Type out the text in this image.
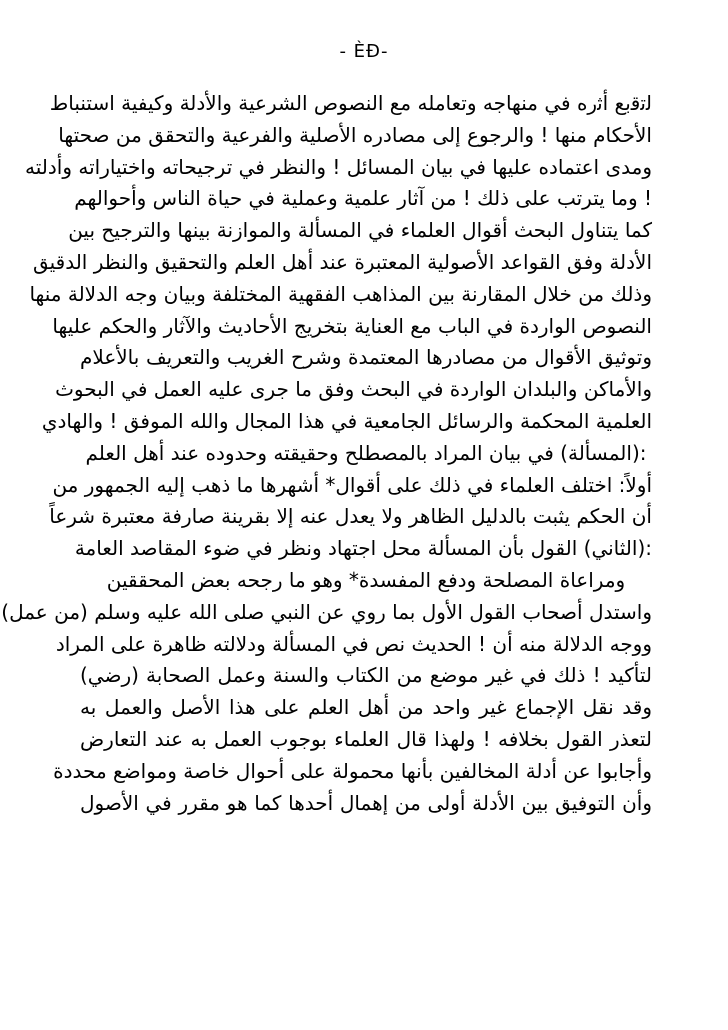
- ÈÐ-
ﻟﺗﻗﺑﻊ ﺃﺛﺭﻩ ﻓﻲ ﻣﻨﻬﺎﺟﻪ ﻭﺗﻌﺎﻣﻠﻪ ﻣﻊ ﺍﻟﻨﺼﻮﺹ ﺍﻟﺸﺮﻋﻴﺔ ﻭﺍﻷﺩﻟﺔ ﻭﻛﻴﻔﻴﺔ ﺍﺳﺘﻨﺒﺎﻁ
ﺍﻷﺣﻜﺎﻡ ﻣﻨﻬﺎ ! ﻭﺍﻟﺮﺟﻮﻉ ﺇﻟﻰ ﻣﺼﺎﺩﺭﻩ ﺍﻷﺻﻠﻴﺔ ﻭﺍﻟﻔﺮﻋﻴﺔ ﻭﺍﻟﺘﺤﻘﻖ ﻣﻦ ﺻﺤﺘﻬﺎ
ﻭﻣﺪﻯ ﺍﻋﺘﻤﺎﺩﻩ ﻋﻠﻴﻬﺎ ﻓﻲ ﺑﻴﺎﻥ ﺍﻟﻤﺴﺎﺋﻞ ! ﻭﺍﻟﻨﻈﺮ ﻓﻲ ﺗﺮﺟﻴﺤﺎﺗﻪ ﻭﺍﺧﺘﻴﺎﺭﺍﺗﻪ ﻭﺃﺩﻟﺘﻪ
! ﻭﻣﺎ ﻳﺘﺮﺗﺐ ﻋﻠﻰ ﺫﻟﻚ ! ﻣﻦ ﺁﺛﺎﺭ ﻋﻠﻤﻴﺔ ﻭﻋﻤﻠﻴﺔ ﻓﻲ ﺣﻴﺎﺓ ﺍﻟﻨﺎﺱ ﻭﺃﺣﻮﺍﻟﻬﻢ
ﻛﻤﺎ ﻳﺘﻨﺎﻭﻝ ﺍﻟﺒﺤﺚ ﺃﻗﻮﺍﻝ ﺍﻟﻌﻠﻤﺎﺀ ﻓﻲ ﺍﻟﻤﺴﺄﻟﺔ ﻭﺍﻟﻤﻮﺍﺯﻧﺔ ﺑﻴﻨﻬﺎ ﻭﺍﻟﺘﺮﺟﻴﺢ ﺑﻴﻦ
ﺍﻷﺩﻟﺔ ﻭﻓﻖ ﺍﻟﻘﻮﺍﻋﺪ ﺍﻷﺻﻮﻟﻴﺔ ﺍﻟﻤﻌﺘﺒﺮﺓ ﻋﻨﺪ ﺃﻫﻞ ﺍﻟﻌﻠﻢ ﻭﺍﻟﺘﺤﻘﻴﻖ ﻭﺍﻟﻨﻈﺮ ﺍﻟﺪﻗﻴﻖ
ﻭﺫﻟﻚ ﻣﻦ ﺧﻼﻝ ﺍﻟﻤﻘﺎﺭﻧﺔ ﺑﻴﻦ ﺍﻟﻤﺬﺍﻫﺐ ﺍﻟﻔﻘﻬﻴﺔ ﺍﻟﻤﺨﺘﻠﻔﺔ ﻭﺑﻴﺎﻥ ﻭﺟﻪ ﺍﻟﺪﻻﻟﺔ ﻣﻨﻬﺎ
ﺍﻟﻨﺼﻮﺹ ﺍﻟﻮﺍﺭﺩﺓ ﻓﻲ ﺍﻟﺒﺎﺏ ﻣﻊ ﺍﻟﻌﻨﺎﻳﺔ ﺑﺘﺨﺮﻳﺞ ﺍﻷﺣﺎﺩﻳﺚ ﻭﺍﻵﺛﺎﺭ ﻭﺍﻟﺤﻜﻢ ﻋﻠﻴﻬﺎ
ﻭﺗﻮﺛﻴﻖ ﺍﻷﻗﻮﺍﻝ ﻣﻦ ﻣﺼﺎﺩﺭﻫﺎ ﺍﻟﻤﻌﺘﻤﺪﺓ ﻭﺷﺮﺡ ﺍﻟﻐﺮﻳﺐ ﻭﺍﻟﺘﻌﺮﻳﻒ ﺑﺎﻷﻋﻼﻡ
ﻭﺍﻷﻣﺎﻛﻦ ﻭﺍﻟﺒﻠﺪﺍﻥ ﺍﻟﻮﺍﺭﺩﺓ ﻓﻲ ﺍﻟﺒﺤﺚ ﻭﻓﻖ ﻣﺎ ﺟﺮﻯ ﻋﻠﻴﻪ ﺍﻟﻌﻤﻞ ﻓﻲ ﺍﻟﺒﺤﻮﺙ
ﺍﻟﻌﻠﻤﻴﺔ ﺍﻟﻤﺤﻜﻤﺔ ﻭﺍﻟﺮﺳﺎﺋﻞ ﺍﻟﺠﺎﻣﻌﻴﺔ ﻓﻲ ﻫﺬﺍ ﺍﻟﻤﺠﺎﻝ ﻭﺍﻟﻠﻪ ﺍﻟﻤﻮﻓﻖ ! ﻭﺍﻟﻬﺎﺩﻱ
:(ﺍﻟﻤﺴﺄﻟﺔ) ﻓﻲ ﺑﻴﺎﻥ ﺍﻟﻤﺮﺍﺩ ﺑﺎﻟﻤﺼﻄﻠﺢ ﻭﺣﻘﻴﻘﺘﻪ ﻭﺣﺪﻭﺩﻩ ﻋﻨﺪ ﺃﻫﻞ ﺍﻟﻌﻠﻢ
ﺃﻭﻻً: ﺍﺧﺘﻠﻒ ﺍﻟﻌﻠﻤﺎﺀ ﻓﻲ ﺫﻟﻚ ﻋﻠﻰ ﺃﻗﻮﺍﻝ* ﺃﺷﻬﺮﻫﺎ ﻣﺎ ﺫﻫﺐ ﺇﻟﻴﻪ ﺍﻟﺠﻤﻬﻮﺭ ﻣﻦ
ﺃﻥ ﺍﻟﺤﻜﻢ ﻳﺜﺒﺖ ﺑﺎﻟﺪﻟﻴﻞ ﺍﻟﻈﺎﻫﺮ ﻭﻻ ﻳﻌﺪﻝ ﻋﻨﻪ ﺇﻻ ﺑﻘﺮﻳﻨﺔ ﺻﺎﺭﻓﺔ ﻣﻌﺘﺒﺮﺓ ﺷﺮﻋﺎً
:(ﺍﻟﺜﺎﻧﻲ) ﺍﻟﻘﻮﻝ ﺑﺄﻥ ﺍﻟﻤﺴﺄﻟﺔ ﻣﺤﻞ ﺍﺟﺘﻬﺎﺩ ﻭﻧﻈﺮ ﻓﻲ ﺿﻮﺀ ﺍﻟﻤﻘﺎﺻﺪ ﺍﻟﻌﺎﻣﺔ
ﻭﻣﺮﺍﻋﺎﺓ ﺍﻟﻤﺼﻠﺤﺔ ﻭﺩﻓﻊ ﺍﻟﻤﻔﺴﺪﺓ* ﻭﻫﻮ ﻣﺎ ﺭﺟﺤﻪ ﺑﻌﺾ ﺍﻟﻤﺤﻘﻘﻴﻦ
ﻭﺍﺳﺘﺪﻝ ﺃﺻﺤﺎﺏ ﺍﻟﻘﻮﻝ ﺍﻷﻭﻝ ﺑﻤﺎ ﺭﻭﻱ ﻋﻦ ﺍﻟﻨﺒﻲ ﺻﻠﻰ ﺍﻟﻠﻪ ﻋﻠﻴﻪ ﻭﺳﻠﻢ (ﻣﻦ ﻋﻤﻞ)
ﻭﻭﺟﻪ ﺍﻟﺪﻻﻟﺔ ﻣﻨﻪ ﺃﻥ ! ﺍﻟﺤﺪﻳﺚ ﻧﺺ ﻓﻲ ﺍﻟﻤﺴﺄﻟﺔ ﻭﺩﻻﻟﺘﻪ ﻇﺎﻫﺮﺓ ﻋﻠﻰ ﺍﻟﻤﺮﺍﺩ
ﻟﺘﺄﻛﻴﺪ ! ﺫﻟﻚ ﻓﻲ ﻏﻴﺮ ﻣﻮﺿﻊ ﻣﻦ ﺍﻟﻜﺘﺎﺏ ﻭﺍﻟﺴﻨﺔ ﻭﻋﻤﻞ ﺍﻟﺼﺤﺎﺑﺔ (ﺭﺿﻲ)
ﻭﻗﺪ ﻧﻘﻞ ﺍﻹﺟﻤﺎﻉ ﻏﻴﺮ ﻭﺍﺣﺪ ﻣﻦ ﺃﻫﻞ ﺍﻟﻌﻠﻢ ﻋﻠﻰ ﻫﺬﺍ ﺍﻷﺻﻞ ﻭﺍﻟﻌﻤﻞ ﺑﻪ
ﻟﺘﻌﺬﺭ ﺍﻟﻘﻮﻝ ﺑﺨﻼﻓﻪ ! ﻭﻟﻬﺬﺍ ﻗﺎﻝ ﺍﻟﻌﻠﻤﺎﺀ ﺑﻮﺟﻮﺏ ﺍﻟﻌﻤﻞ ﺑﻪ ﻋﻨﺪ ﺍﻟﺘﻌﺎﺭﺽ
ﻭﺃﺟﺎﺑﻮﺍ ﻋﻦ ﺃﺩﻟﺔ ﺍﻟﻤﺨﺎﻟﻔﻴﻦ ﺑﺄﻧﻬﺎ ﻣﺤﻤﻮﻟﺔ ﻋﻠﻰ ﺃﺣﻮﺍﻝ ﺧﺎﺻﺔ ﻭﻣﻮﺍﺿﻊ ﻣﺤﺪﺩﺓ
ﻭﺃﻥ ﺍﻟﺘﻮﻓﻴﻖ ﺑﻴﻦ ﺍﻷﺩﻟﺔ ﺃﻭﻟﻰ ﻣﻦ ﺇﻫﻤﺎﻝ ﺃﺣﺪﻫﺎ ﻛﻤﺎ ﻫﻮ ﻣﻘﺮﺭ ﻓﻲ ﺍﻷﺻﻮﻝ
